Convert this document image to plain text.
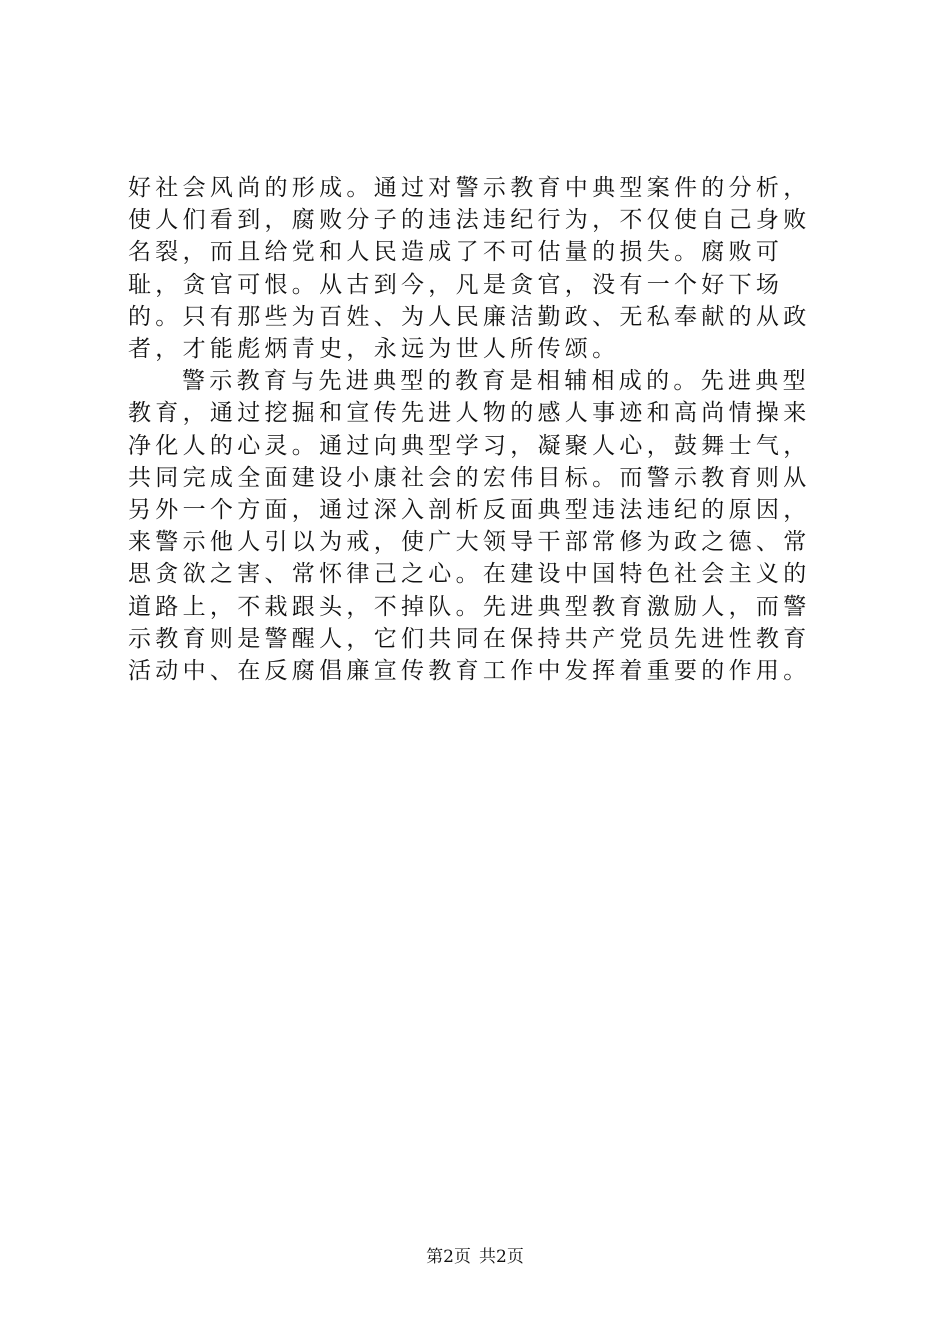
好社会风尚的形成。通过对警示教育中典型案件的分析，使人们看到，腐败分子的违法违纪行为，不仅使自己身败名裂，而且给党和人民造成了不可估量的损失。腐败可耻，贪官可恨。从古到今，凡是贪官，没有一个好下场的。只有那些为百姓、为人民廉洁勤政、无私奉献的从政者，才能彪炳青史，永远为世人所传颂。

警示教育与先进典型的教育是相辅相成的。先进典型教育，通过挖掘和宣传先进人物的感人事迹和高尚情操来净化人的心灵。通过向典型学习，凝聚人心，鼓舞士气，共同完成全面建设小康社会的宏伟目标。而警示教育则从另外一个方面，通过深入剖析反面典型违法违纪的原因，来警示他人引以为戒，使广大领导干部常修为政之德、常思贪欲之害、常怀律己之心。在建设中国特色社会主义的道路上，不栽跟头，不掉队。先进典型教育激励人，而警示教育则是警醒人，它们共同在保持共产党员先进性教育活动中、在反腐倡廉宣传教育工作中发挥着重要的作用。

第2页 共2页
